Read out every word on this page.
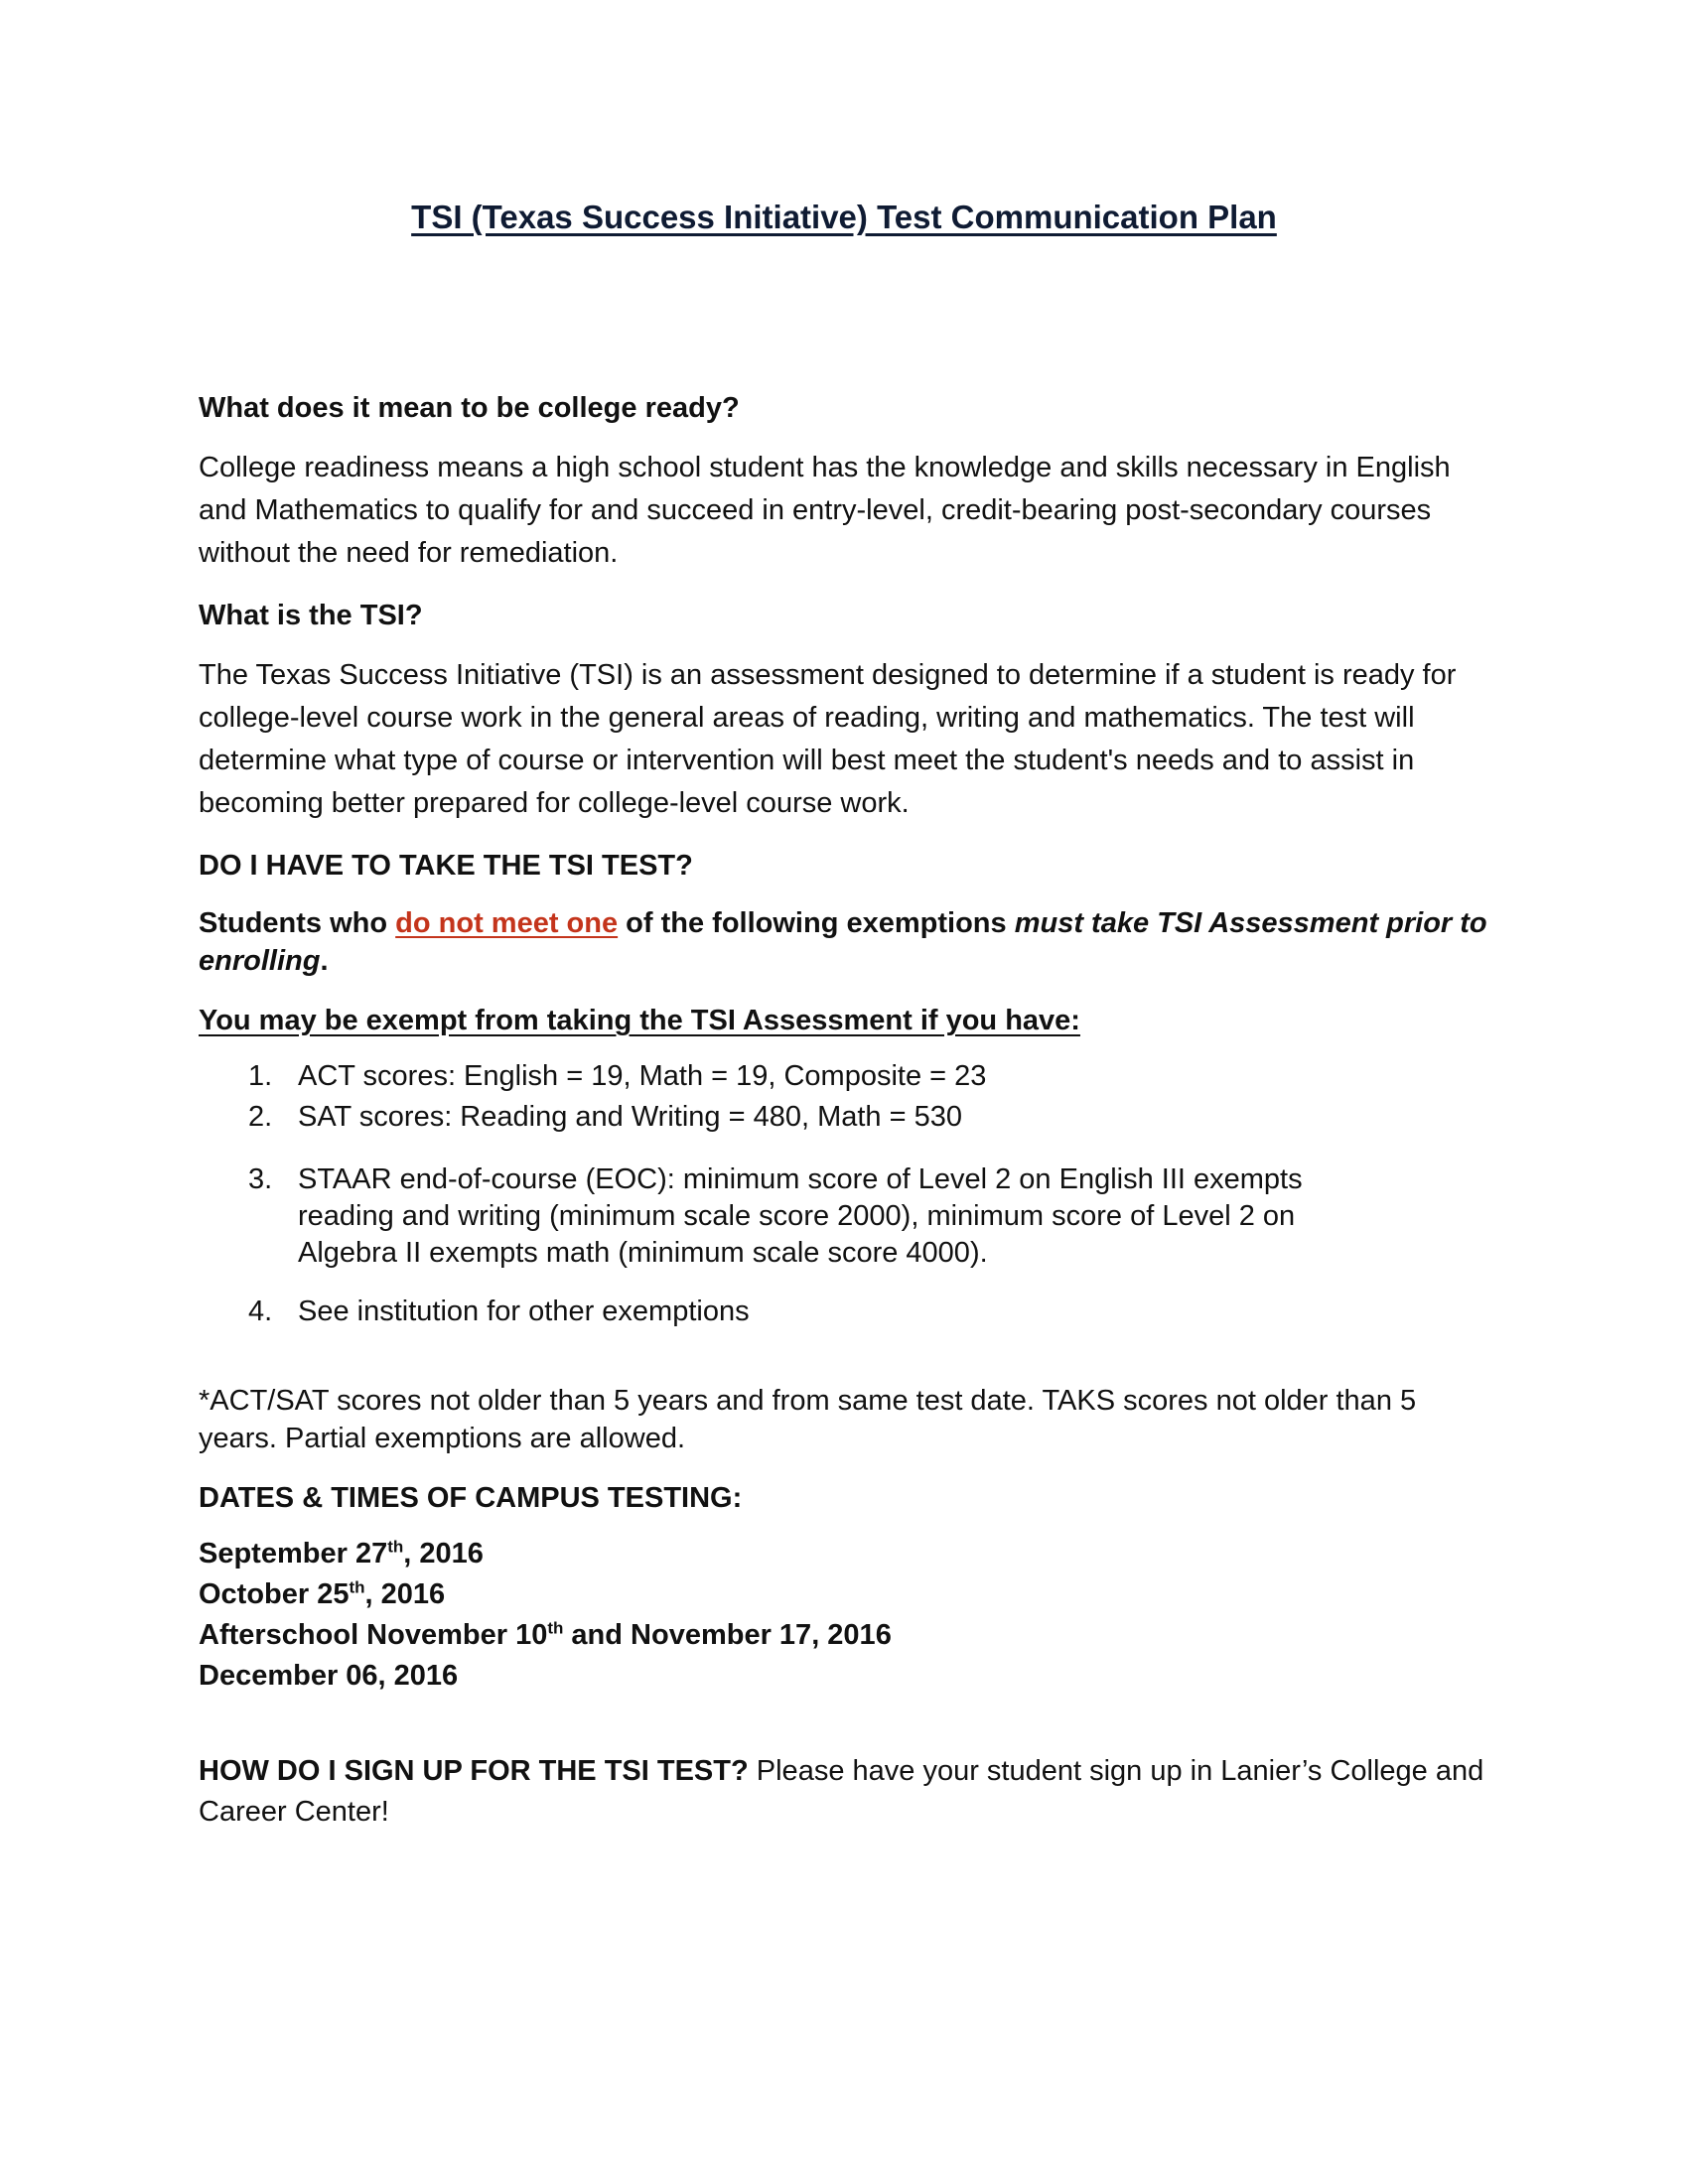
TSI (Texas Success Initiative) Test Communication Plan

What does it mean to be college ready?

College readiness means a high school student has the knowledge and skills necessary in English and Mathematics to qualify for and succeed in entry-level, credit-bearing post-secondary courses without the need for remediation.

What is the TSI?

The Texas Success Initiative (TSI) is an assessment designed to determine if a student is ready for college-level course work in the general areas of reading, writing and mathematics. The test will determine what type of course or intervention will best meet the student's needs and to assist in becoming better prepared for college-level course work.

DO I HAVE TO TAKE THE TSI TEST?

Students who do not meet one of the following exemptions must take TSI Assessment prior to enrolling.

You may be exempt from taking the TSI Assessment if you have:

1. ACT scores: English = 19, Math = 19, Composite = 23
2. SAT scores: Reading and Writing = 480, Math = 530
3. STAAR end-of-course (EOC): minimum score of Level 2 on English III exempts reading and writing (minimum scale score 2000), minimum score of Level 2 on Algebra II exempts math (minimum scale score 4000).
4. See institution for other exemptions

*ACT/SAT scores not older than 5 years and from same test date. TAKS scores not older than 5 years. Partial exemptions are allowed.

DATES & TIMES OF CAMPUS TESTING:

September 27th, 2016
October 25th, 2016
Afterschool November 10th and November 17, 2016
December 06, 2016

HOW DO I SIGN UP FOR THE TSI TEST? Please have your student sign up in Lanier’s College and Career Center!
